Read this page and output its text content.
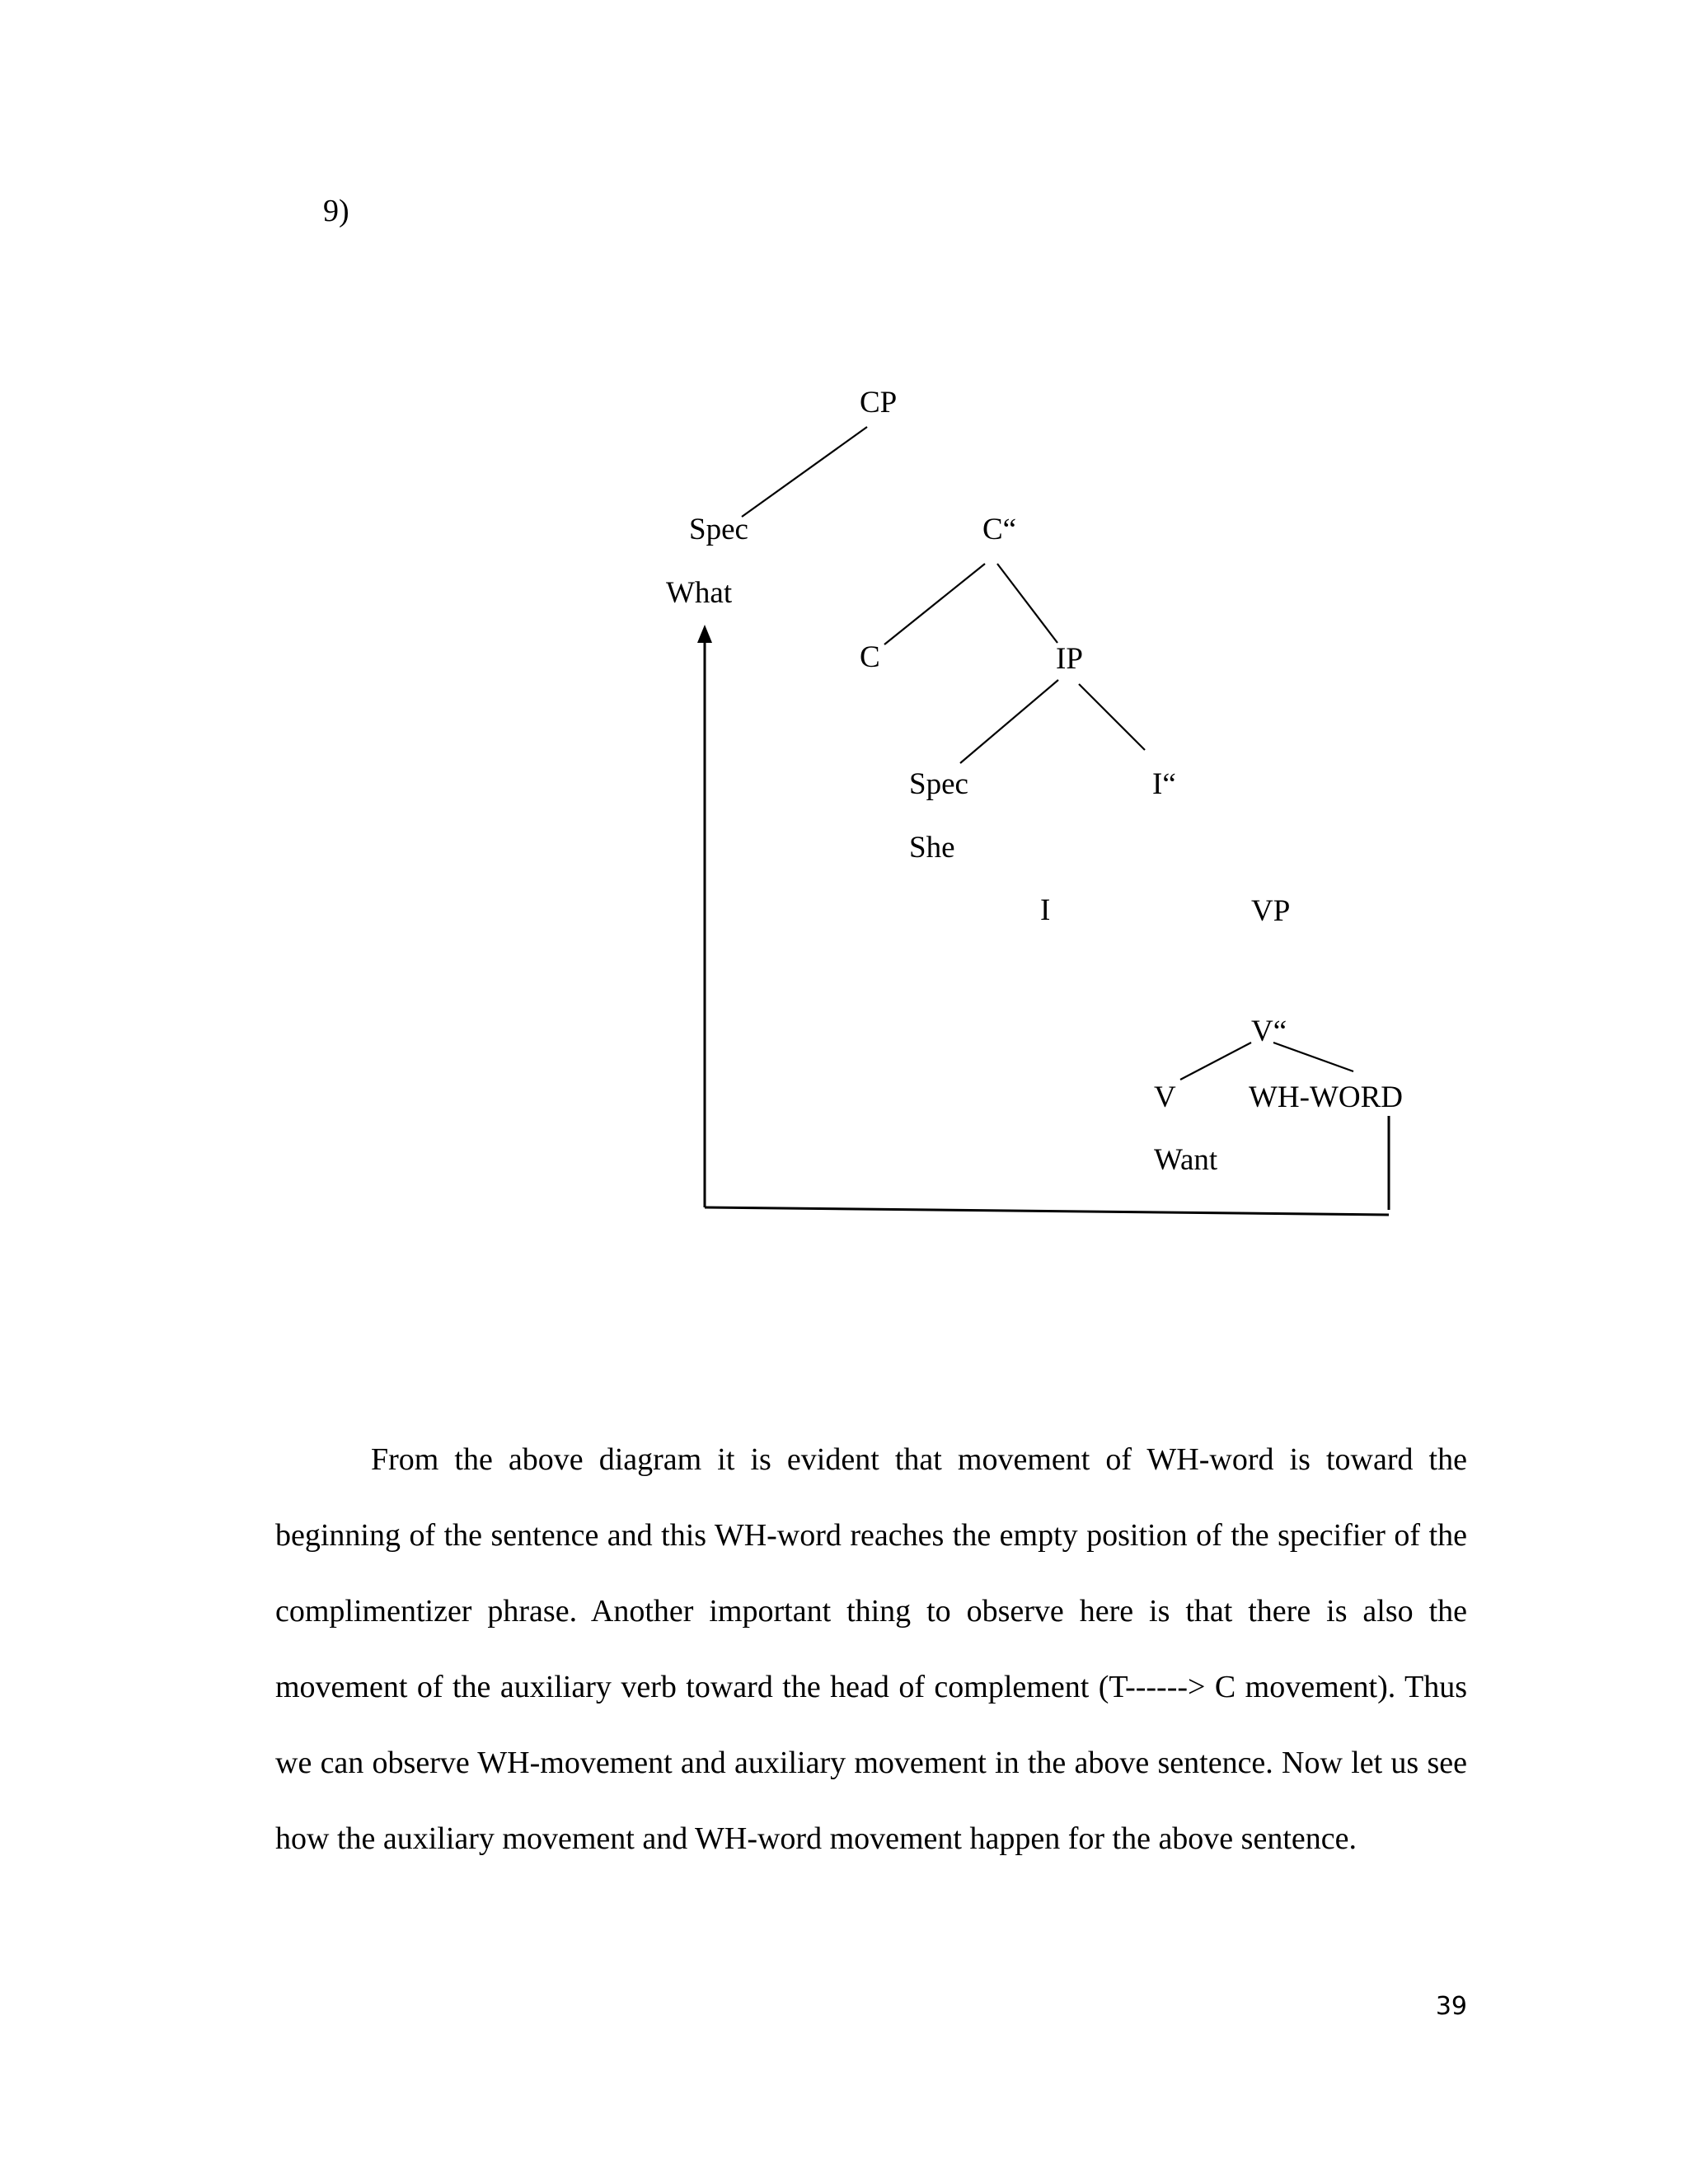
9)
CP
Spec
What
C“
C	IP
Spec
She
I“
I	VP
V“
V
Want
WH-WORD

From the above diagram it is evident that movement of WH-word is toward the beginning of the sentence and this WH-word reaches the empty position of the specifier of the complimentizer phrase. Another important thing to observe here is that there is also the movement of the auxiliary verb toward the head of complement (T------> C movement). Thus we can observe WH-movement and auxiliary movement in the above sentence. Now let us see how the auxiliary movement and WH-word movement happen for the above sentence.

39
